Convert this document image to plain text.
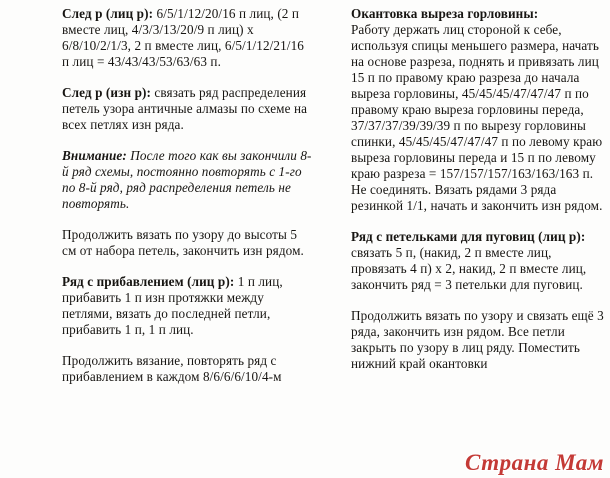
След р (лиц р): 6/5/1/12/20/16 п лиц, (2 п вместе лиц, 4/3/3/13/20/9 п лиц) х 6/8/10/2/1/3, 2 п вместе лиц, 6/5/1/12/21/16 п лиц = 43/43/43/53/63/63 п.

След р (изн р): связать ряд распределения петель узора античные алмазы по схеме на всех петлях изн ряда.

Внимание: После того как вы закончили 8-й ряд схемы, постоянно повторять с 1-го по 8-й ряд, ряд распределения петель не повторять.

Продолжить вязать по узору до высоты 5 см от набора петель, закончить изн рядом.

Ряд с прибавлением (лиц р): 1 п лиц, прибавить 1 п изн протяжки между петлями, вязать до последней петли, прибавить 1 п, 1 п лиц.

Продолжить вязание, повторять ряд с прибавлением в каждом 8/6/6/6/10/4-м

Окантовка выреза горловины:
Работу держать лиц стороной к себе, используя спицы меньшего размера, начать на основе разреза, поднять и привязать лиц 15 п по правому краю разреза до начала выреза горловины, 45/45/45/47/47/47 п по правому краю выреза горловины переда, 37/37/37/39/39/39 п по вырезу горловины спинки, 45/45/45/47/47/47 п по левому краю выреза горловины переда и 15 п по левому краю разреза = 157/157/157/163/163/163 п. Не соединять. Вязать рядами 3 ряда резинкой 1/1, начать и закончить изн рядом.

Ряд с петельками для пуговиц (лиц р): связать 5 п, (накид, 2 п вместе лиц, провязать 4 п) х 2, накид, 2 п вместе лиц, закончить ряд = 3 петельки для пуговиц.

Продолжить вязать по узору и связать ещё 3 ряда, закончить изн рядом. Все петли закрыть по узору в лиц ряду. Поместить нижний край окантовки

Страна Мам
